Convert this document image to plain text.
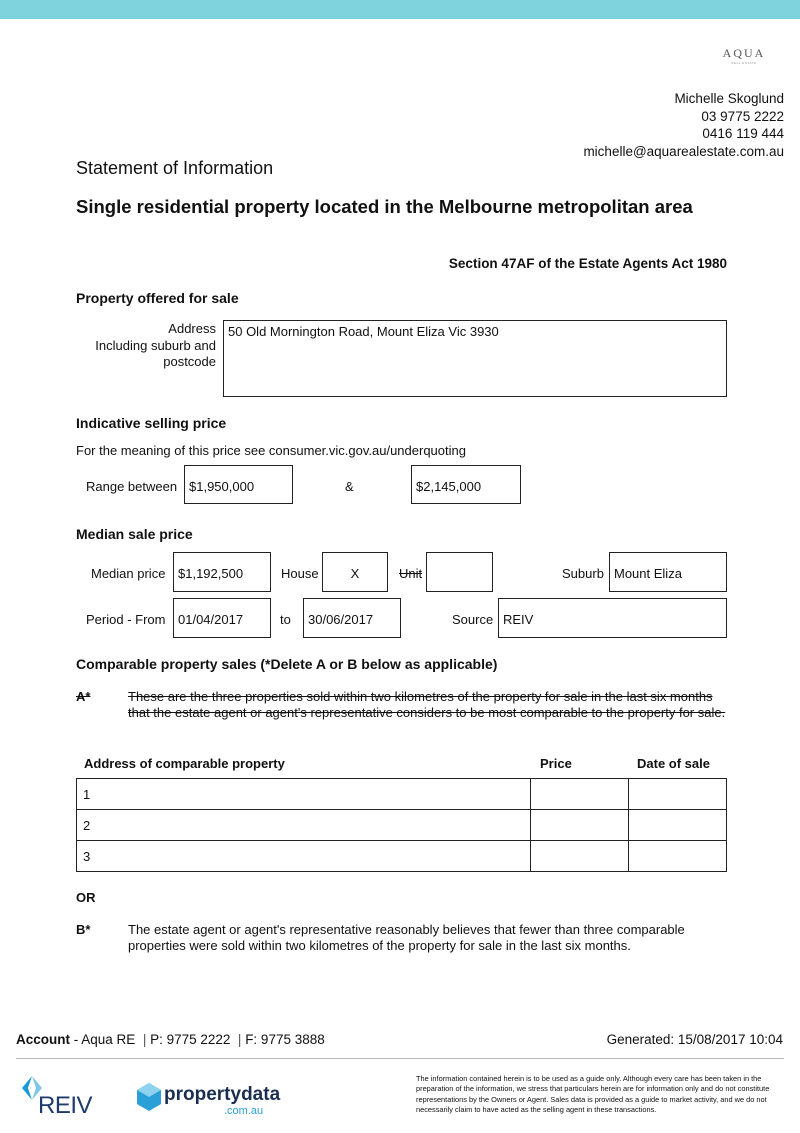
AQUA
REAL ESTATE
Michelle Skoglund
03 9775 2222
0416 119 444
michelle@aquarealestate.com.au
Statement of Information
Single residential property located in the Melbourne metropolitan area
Section 47AF of the Estate Agents Act 1980
Property offered for sale
Address
Including suburb and
postcode
50 Old Mornington Road, Mount Eliza Vic 3930
Indicative selling price
For the meaning of this price see consumer.vic.gov.au/underquoting
Range between $1,950,000	&	$2,145,000
Median sale price
Median price $1,192,500	House	X	Unit	Suburb Mount Eliza
Period - From 01/04/2017	to	30/06/2017	Source REIV
Comparable property sales (*Delete A or B below as applicable)
A*	These are the three properties sold within two kilometres of the property for sale in the last six months that the estate agent or agent's representative considers to be most comparable to the property for sale.
Address of comparable property	Price	Date of sale
1		
2		
3		
OR
B*	The estate agent or agent's representative reasonably believes that fewer than three comparable properties were sold within two kilometres of the property for sale in the last six months.
Account - Aqua RE  | P: 9775 2222  | F: 9775 3888	Generated: 15/08/2017 10:04
REIV	propertydata
.com.au
The information contained herein is to be used as a guide only. Although every care has been taken in the preparation of the information, we stress that particulars herein are for information only and do not constitute representations by the Owners or Agent. Sales data is provided as a guide to market activity, and we do not necessarily claim to have acted as the selling agent in these transactions.
